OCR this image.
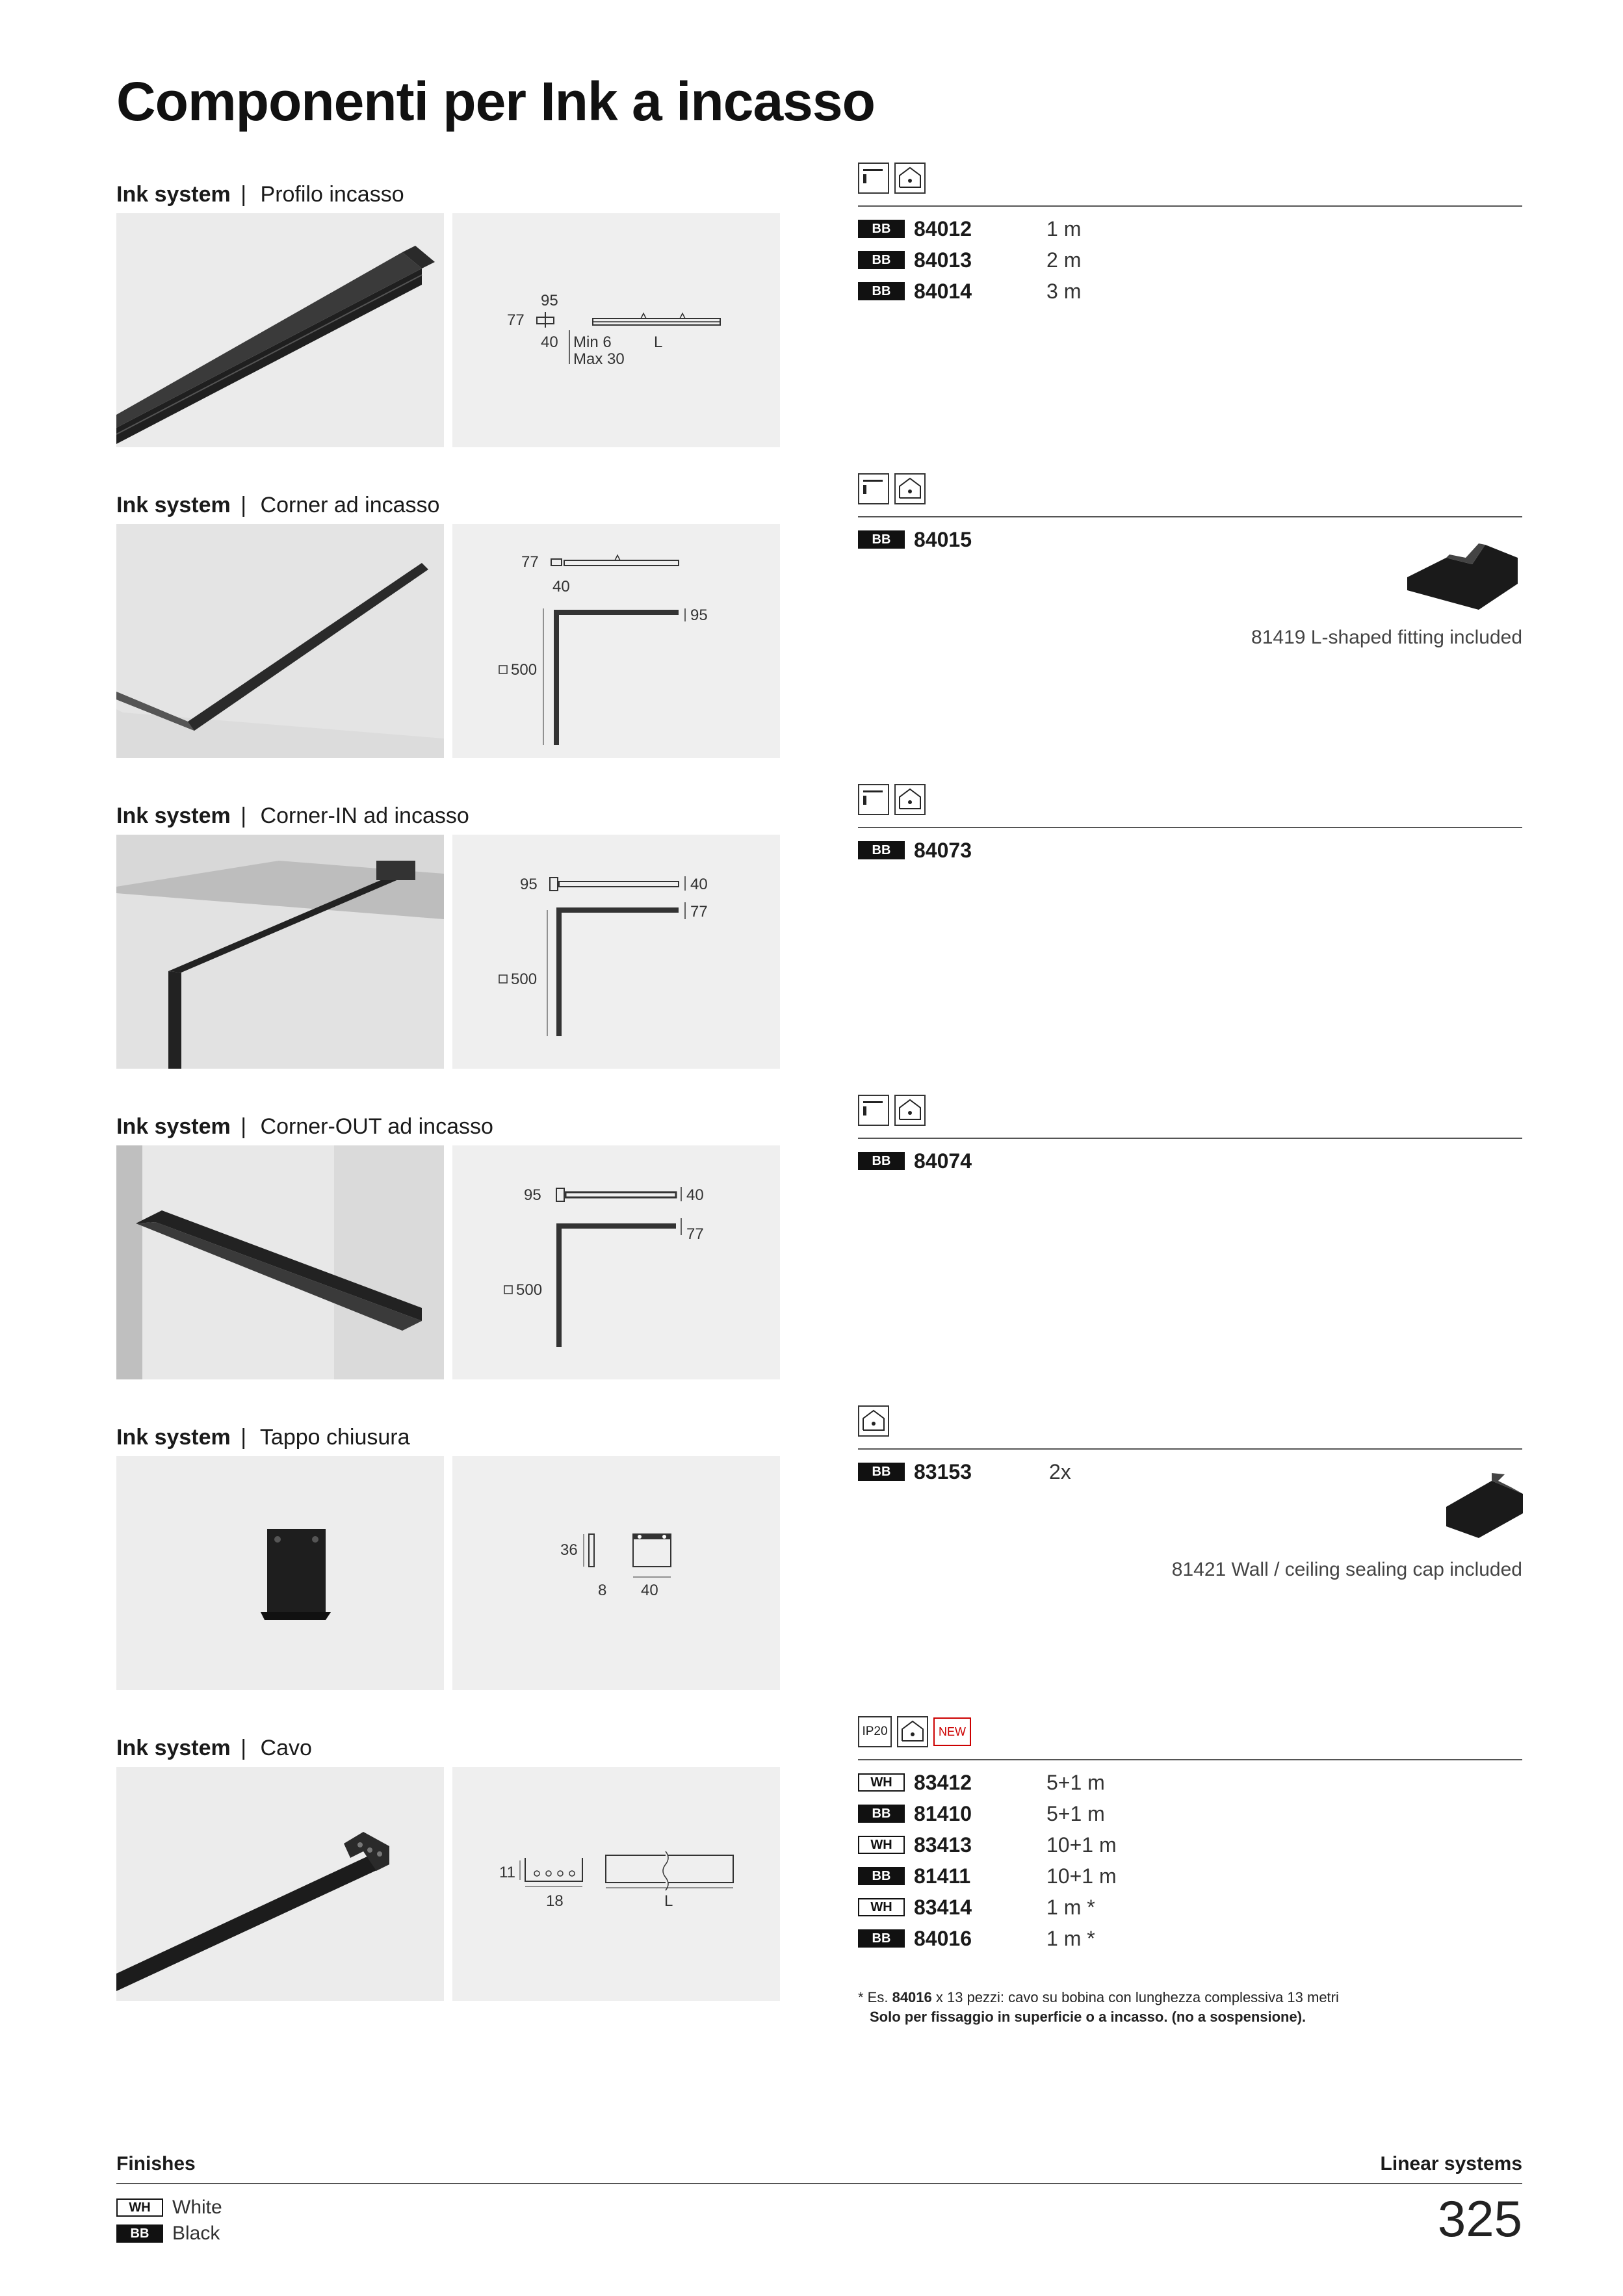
Componenti per Ink a incasso
Ink system | Profilo incasso
95
77
40 Min 6
Max 30
L
BB	84012	1 m
BB	84013	2 m
BB	84014	3 m
Ink system | Corner ad incasso
77
40
95
500
BB	84015
81419 L-shaped fitting included
Ink system | Corner-IN ad incasso
95	40
77
500
BB	84073
Ink system | Corner-OUT ad incasso
95	40
77
500
BB	84074
Ink system | Tappo chiusura
36
8 40
BB	83153	2x
81421 Wall / ceiling sealing cap included
Ink system | Cavo
11
18	L
IP20	NEW
WH	83412	5+1 m
BB	81410	5+1 m
WH	83413	10+1 m
BB	81411	10+1 m
WH	83414	1 m *
BB	84016	1 m *
* Es. 84016 x 13 pezzi: cavo su bobina con lunghezza complessiva 13 metri
Solo per fissaggio in superficie o a incasso. (no a sospensione).
Finishes	Linear systems
WH	White
BB	Black	325
